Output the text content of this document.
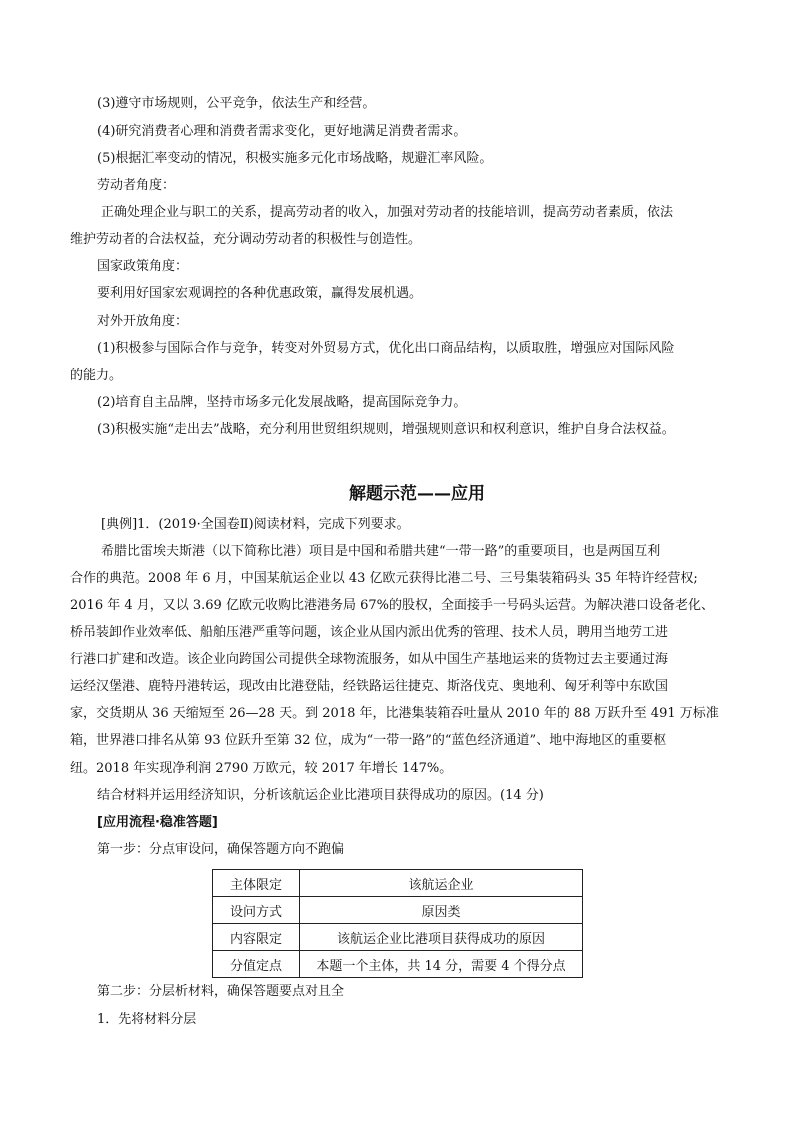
(3)遵守市场规则，公平竞争，依法生产和经营。
(4)研究消费者心理和消费者需求变化，更好地满足消费者需求。
(5)根据汇率变动的情况，积极实施多元化市场战略，规避汇率风险。
劳动者角度：
正确处理企业与职工的关系，提高劳动者的收入，加强对劳动者的技能培训，提高劳动者素质，依法
维护劳动者的合法权益，充分调动劳动者的积极性与创造性。
国家政策角度：
要利用好国家宏观调控的各种优惠政策，赢得发展机遇。
对外开放角度：
(1)积极参与国际合作与竞争，转变对外贸易方式，优化出口商品结构，以质取胜，增强应对国际风险
的能力。
(2)培育自主品牌，坚持市场多元化发展战略，提高国际竞争力。
(3)积极实施“走出去”战略，充分利用世贸组织规则，增强规则意识和权利意识，维护自身合法权益。
解题示范——应用
[典例]1．(2019·全国卷Ⅱ)阅读材料，完成下列要求。
希腊比雷埃夫斯港（以下简称比港）项目是中国和希腊共建“一带一路”的重要项目，也是两国互利
合作的典范。2008 年 6 月，中国某航运企业以 43 亿欧元获得比港二号、三号集装箱码头 35 年特许经营权;
2016 年 4 月，又以 3.69 亿欧元收购比港港务局 67%的股权，全面接手一号码头运营。为解决港口设备老化、
桥吊装卸作业效率低、船舶压港严重等问题，该企业从国内派出优秀的管理、技术人员，聘用当地劳工进
行港口扩建和改造。该企业向跨国公司提供全球物流服务，如从中国生产基地运来的货物过去主要通过海
运经汉堡港、鹿特丹港转运，现改由比港登陆，经铁路运往捷克、斯洛伐克、奥地利、匈牙利等中东欧国
家，交货期从 36 天缩短至 26—28 天。到 2018 年，比港集装箱吞吐量从 2010 年的 88 万跃升至 491 万标准
箱，世界港口排名从第 93 位跃升至第 32 位，成为“一带一路”的“蓝色经济通道”、地中海地区的重要枢
纽。2018 年实现净利润 2790 万欧元，较 2017 年增长 147%。
结合材料并运用经济知识，分析该航运企业比港项目获得成功的原因。(14 分)
[应用流程·稳准答题]
第一步：分点审设问，确保答题方向不跑偏
主体限定	该航运企业
设问方式	原因类
内容限定	该航运企业比港项目获得成功的原因
分值定点	本题一个主体，共 14 分，需要 4 个得分点
第二步：分层析材料，确保答题要点对且全
1．先将材料分层
